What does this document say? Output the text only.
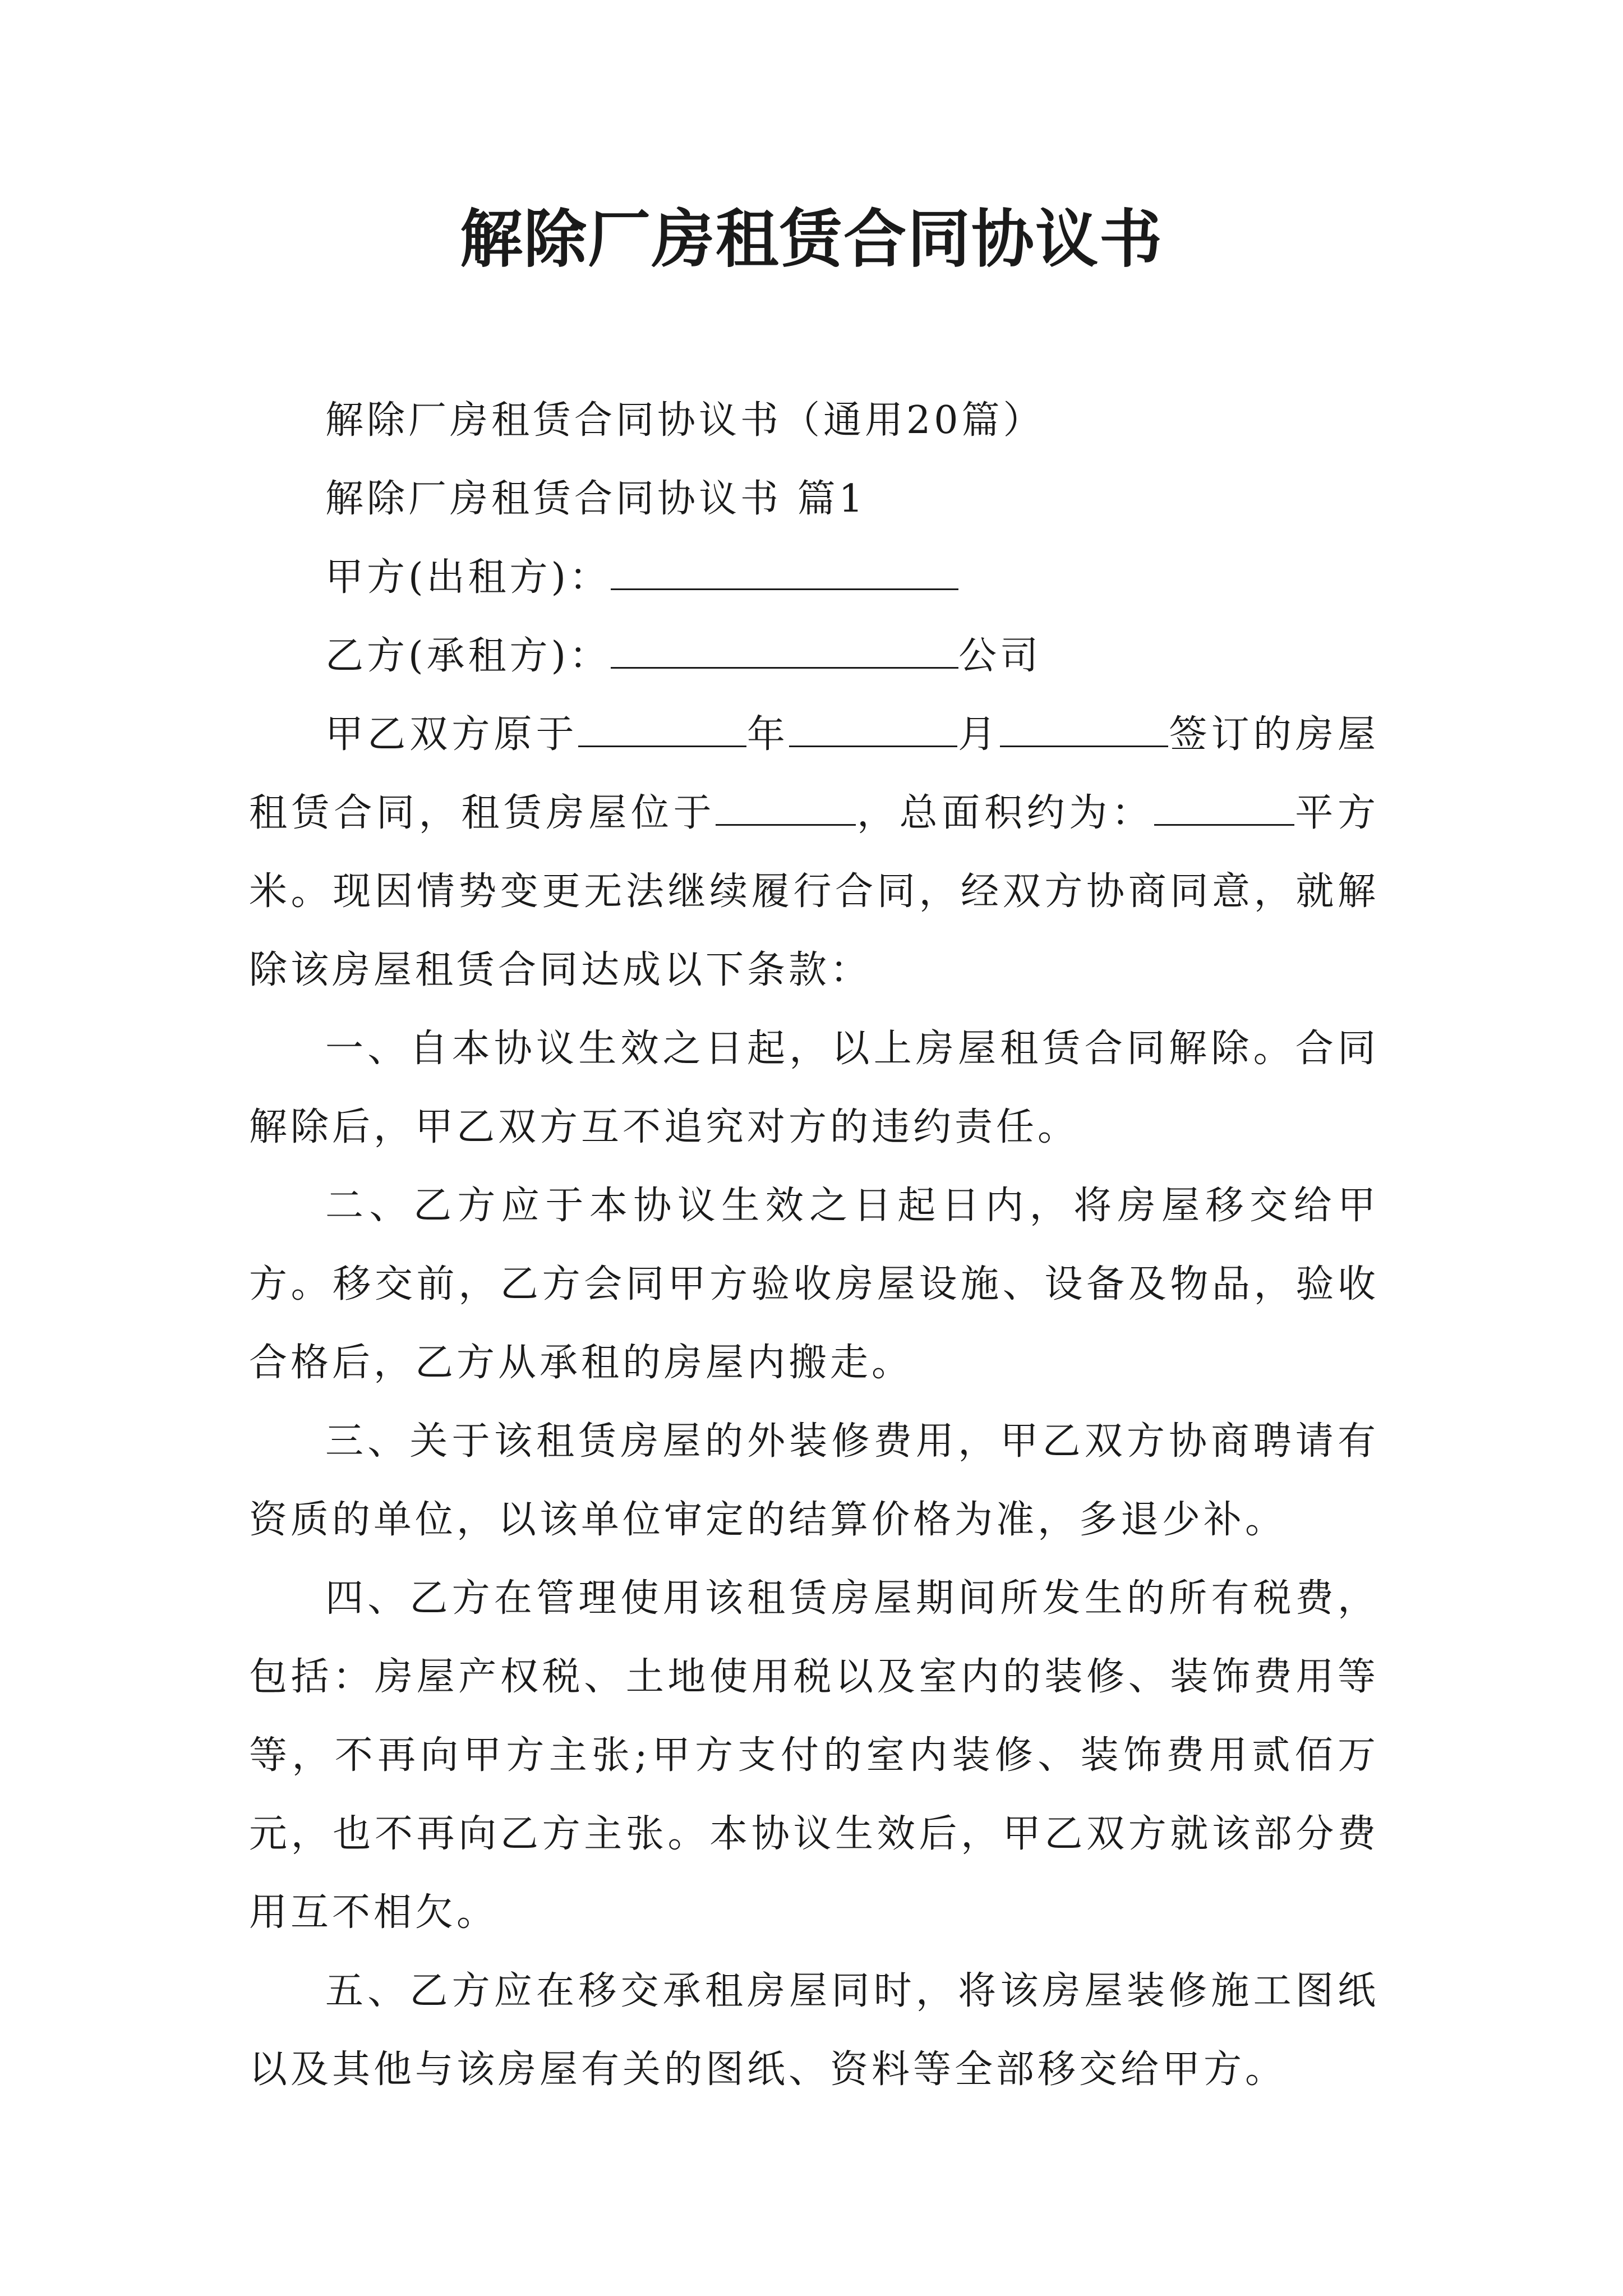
解除厂房租赁合同协议书

解除厂房租赁合同协议书（通用20篇）

解除厂房租赁合同协议书 篇1

甲方(出租方)：

乙方(承租方)：	公司

甲乙双方原于	年	月	签订的房屋租赁合同，租赁房屋位于	，总面积约为：	平方米。现因情势变更无法继续履行合同，经双方协商同意，就解除该房屋租赁合同达成以下条款：

一、自本协议生效之日起，以上房屋租赁合同解除。合同解除后，甲乙双方互不追究对方的违约责任。

二、乙方应于本协议生效之日起日内，将房屋移交给甲方。移交前，乙方会同甲方验收房屋设施、设备及物品，验收合格后，乙方从承租的房屋内搬走。

三、关于该租赁房屋的外装修费用，甲乙双方协商聘请有资质的单位，以该单位审定的结算价格为准，多退少补。

四、乙方在管理使用该租赁房屋期间所发生的所有税费，包括：房屋产权税、土地使用税以及室内的装修、装饰费用等等，不再向甲方主张;甲方支付的室内装修、装饰费用贰佰万元，也不再向乙方主张。本协议生效后，甲乙双方就该部分费用互不相欠。

五、乙方应在移交承租房屋同时，将该房屋装修施工图纸以及其他与该房屋有关的图纸、资料等全部移交给甲方。
